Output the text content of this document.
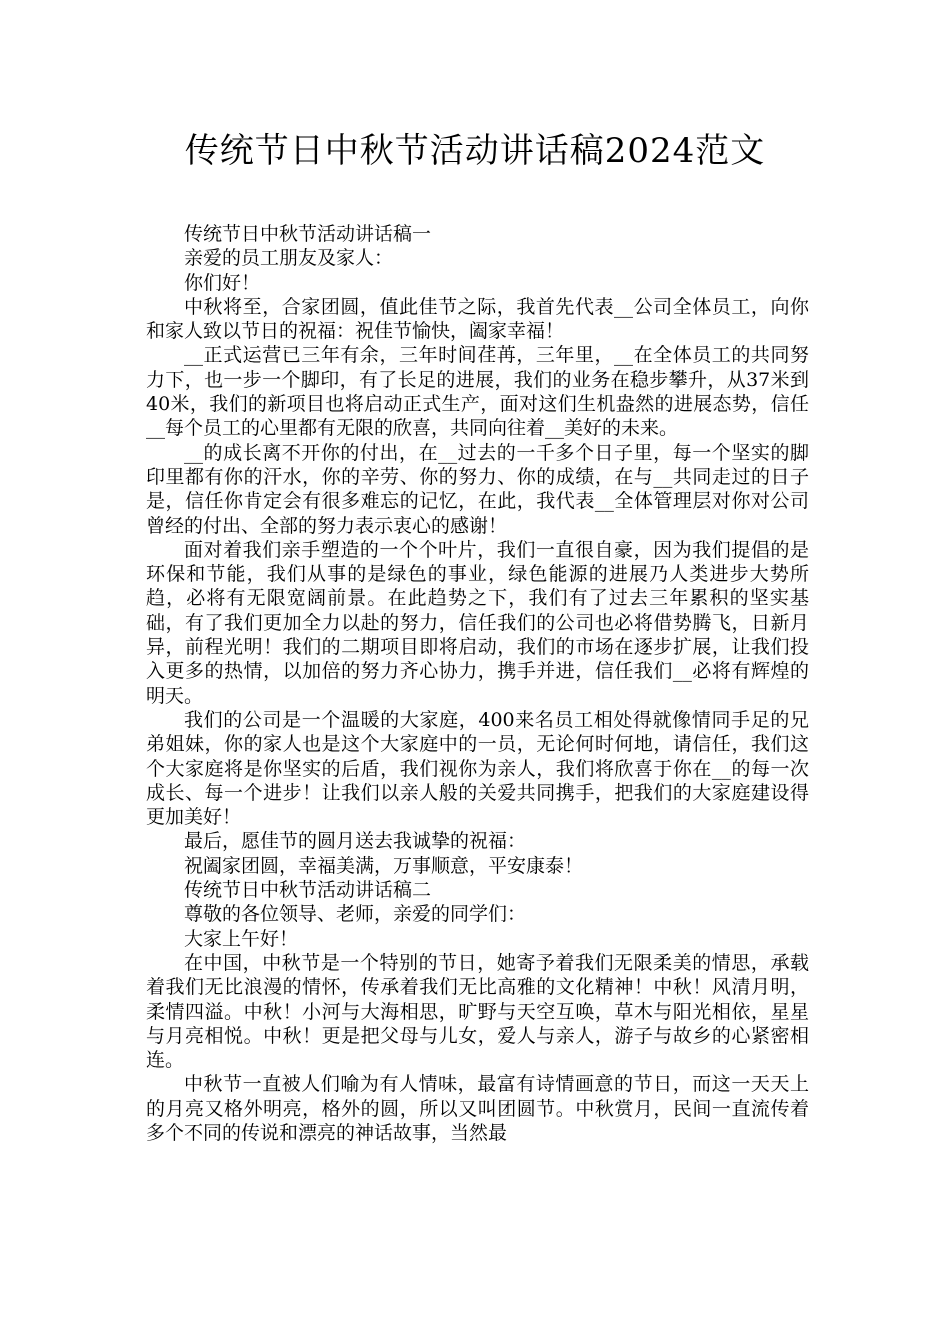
传统节日中秋节活动讲话稿2024范文

传统节日中秋节活动讲话稿一

亲爱的员工朋友及家人：

你们好！

中秋将至，合家团圆，值此佳节之际，我首先代表__公司全体员工，向你和家人致以节日的祝福：祝佳节愉快，阖家幸福！

__正式运营已三年有余，三年时间荏苒，三年里，__在全体员工的共同努力下，也一步一个脚印，有了长足的进展，我们的业务在稳步攀升，从37米到40米，我们的新项目也将启动正式生产，面对这们生机盎然的进展态势，信任__每个员工的心里都有无限的欣喜，共同向往着__美好的未来。

__的成长离不开你的付出，在__过去的一千多个日子里，每一个坚实的脚印里都有你的汗水，你的辛劳、你的努力、你的成绩，在与__共同走过的日子是，信任你肯定会有很多难忘的记忆，在此，我代表__全体管理层对你对公司曾经的付出、全部的努力表示衷心的感谢！

面对着我们亲手塑造的一个个叶片，我们一直很自豪，因为我们提倡的是环保和节能，我们从事的是绿色的事业，绿色能源的进展乃人类进步大势所趋，必将有无限宽阔前景。在此趋势之下，我们有了过去三年累积的坚实基础，有了我们更加全力以赴的努力，信任我们的公司也必将借势腾飞，日新月异，前程光明！我们的二期项目即将启动，我们的市场在逐步扩展，让我们投入更多的热情，以加倍的努力齐心协力，携手并进，信任我们__必将有辉煌的明天。

我们的公司是一个温暖的大家庭，400来名员工相处得就像情同手足的兄弟姐妹，你的家人也是这个大家庭中的一员，无论何时何地，请信任，我们这个大家庭将是你坚实的后盾，我们视你为亲人，我们将欣喜于你在__的每一次成长、每一个进步！让我们以亲人般的关爱共同携手，把我们的大家庭建设得更加美好！

最后，愿佳节的圆月送去我诚挚的祝福：

祝阖家团圆，幸福美满，万事顺意，平安康泰！

传统节日中秋节活动讲话稿二

尊敬的各位领导、老师，亲爱的同学们：

大家上午好！

在中国，中秋节是一个特别的节日，她寄予着我们无限柔美的情思，承载着我们无比浪漫的情怀，传承着我们无比高雅的文化精神！中秋！风清月明，柔情四溢。中秋！小河与大海相思，旷野与天空互唤，草木与阳光相依，星星与月亮相悦。中秋！更是把父母与儿女，爱人与亲人，游子与故乡的心紧密相连。

中秋节一直被人们喻为有人情味，最富有诗情画意的节日，而这一天天上的月亮又格外明亮，格外的圆，所以又叫团圆节。中秋赏月，民间一直流传着多个不同的传说和漂亮的神话故事，当然最
